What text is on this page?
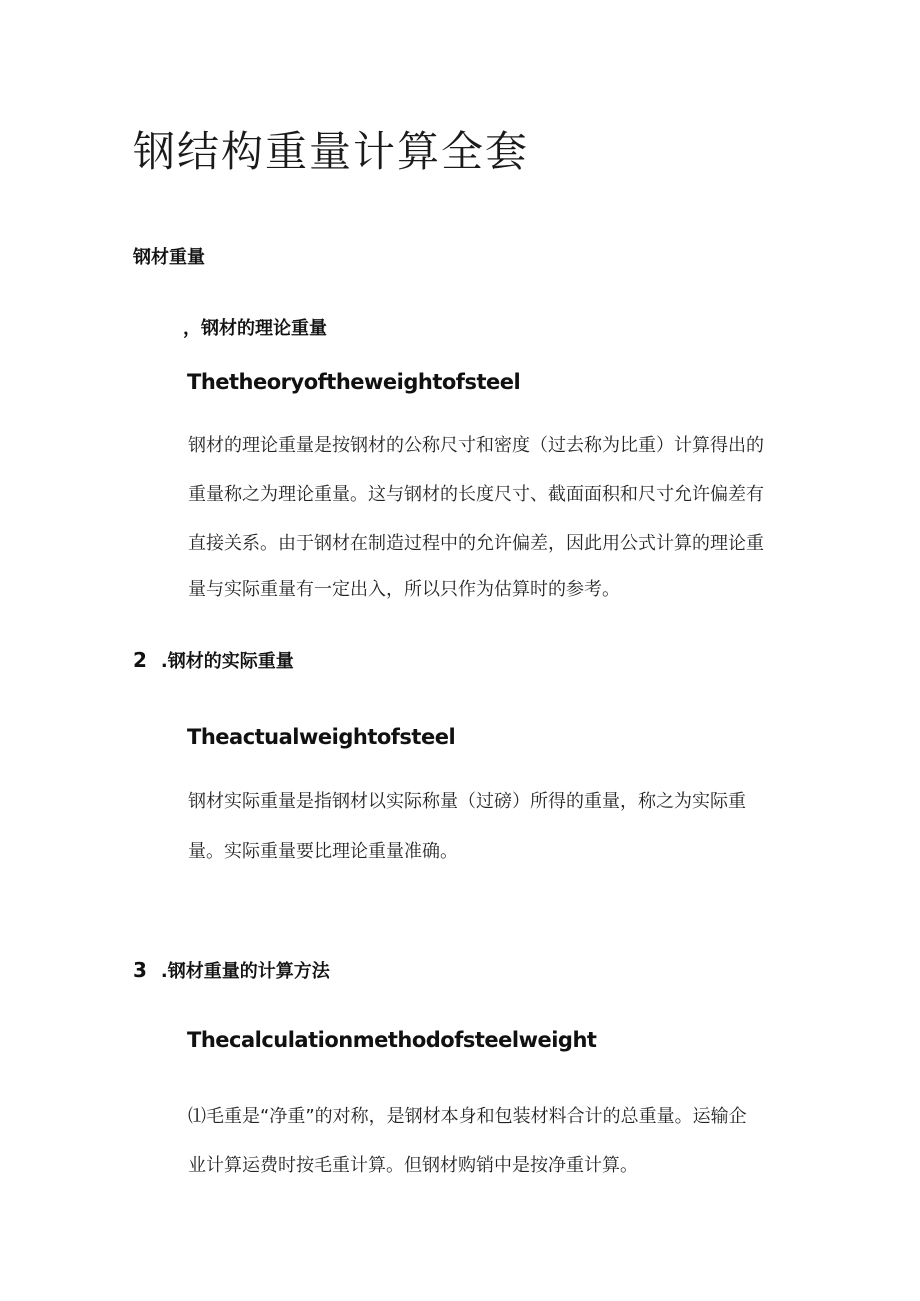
钢结构重量计算全套
钢材重量
，钢材的理论重量
Thetheoryoftheweightofsteel
钢材的理论重量是按钢材的公称尺寸和密度（过去称为比重）计算得出的
重量称之为理论重量。这与钢材的长度尺寸、截面面积和尺寸允许偏差有
直接关系。由于钢材在制造过程中的允许偏差，因此用公式计算的理论重
量与实际重量有一定出入，所以只作为估算时的参考。
2 .钢材的实际重量
Theactualweightofsteel
钢材实际重量是指钢材以实际称量（过磅）所得的重量，称之为实际重
量。实际重量要比理论重量准确。
3 .钢材重量的计算方法
Thecalculationmethodofsteelweight
⑴毛重是“净重”的对称，是钢材本身和包装材料合计的总重量。运输企
业计算运费时按毛重计算。但钢材购销中是按净重计算。
